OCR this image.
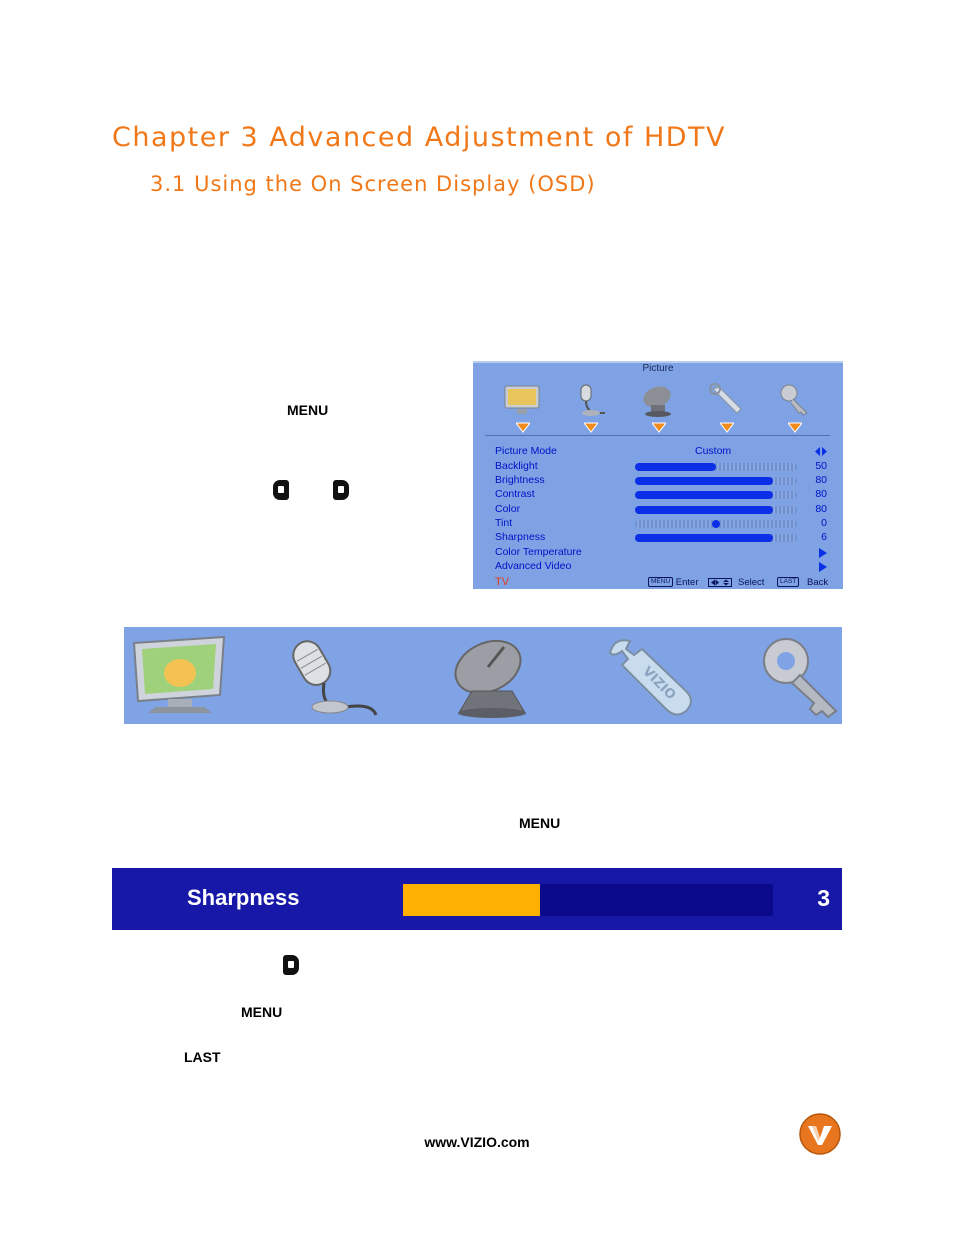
Chapter 3 Advanced Adjustment of HDTV
3.1 Using the On Screen Display (OSD)
MENU
Picture
Picture Mode	Custom
Backlight	50
Brightness	80
Contrast	80
Color	80
Tint	0
Sharpness	6
Color Temperature
Advanced Video
TV	MENU Enter	Select	LAST	Back
VIZIO
MENU
Sharpness	3
MENU
LAST
www.VIZIO.com
